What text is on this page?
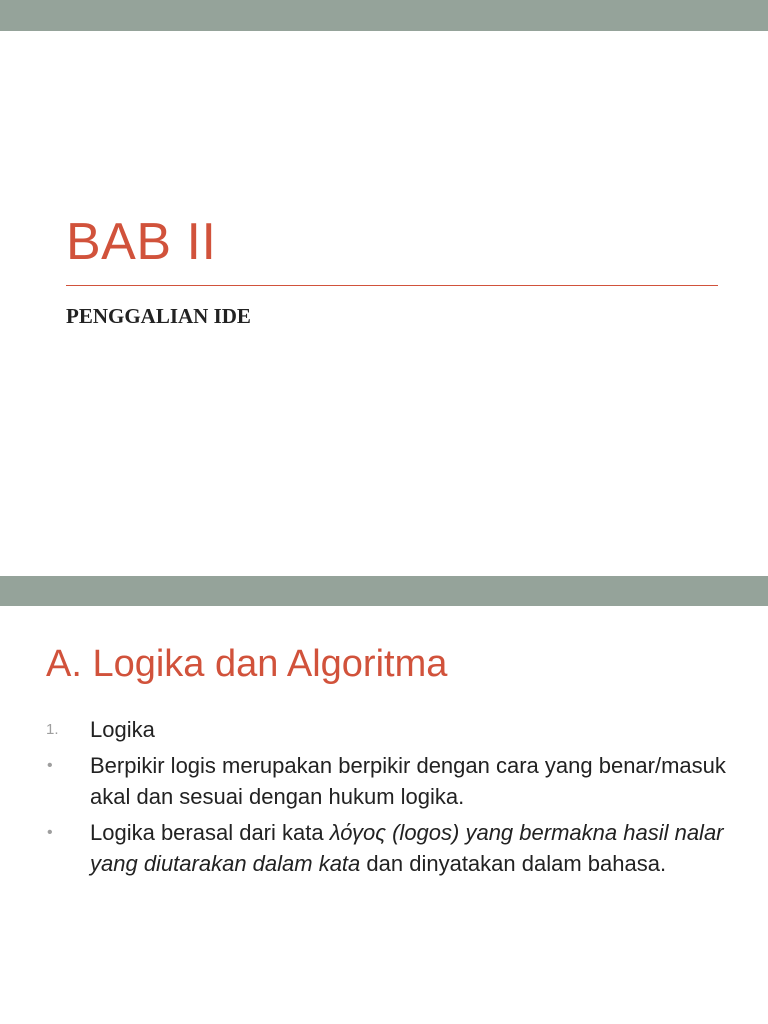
BAB II
PENGGALIAN IDE
A. Logika dan Algoritma
1. Logika
• Berpikir logis merupakan berpikir dengan cara yang benar/masuk akal dan sesuai dengan hukum logika.
• Logika berasal dari kata λόγος (logos) yang bermakna hasil nalar yang diutarakan dalam kata dan dinyatakan dalam bahasa.
